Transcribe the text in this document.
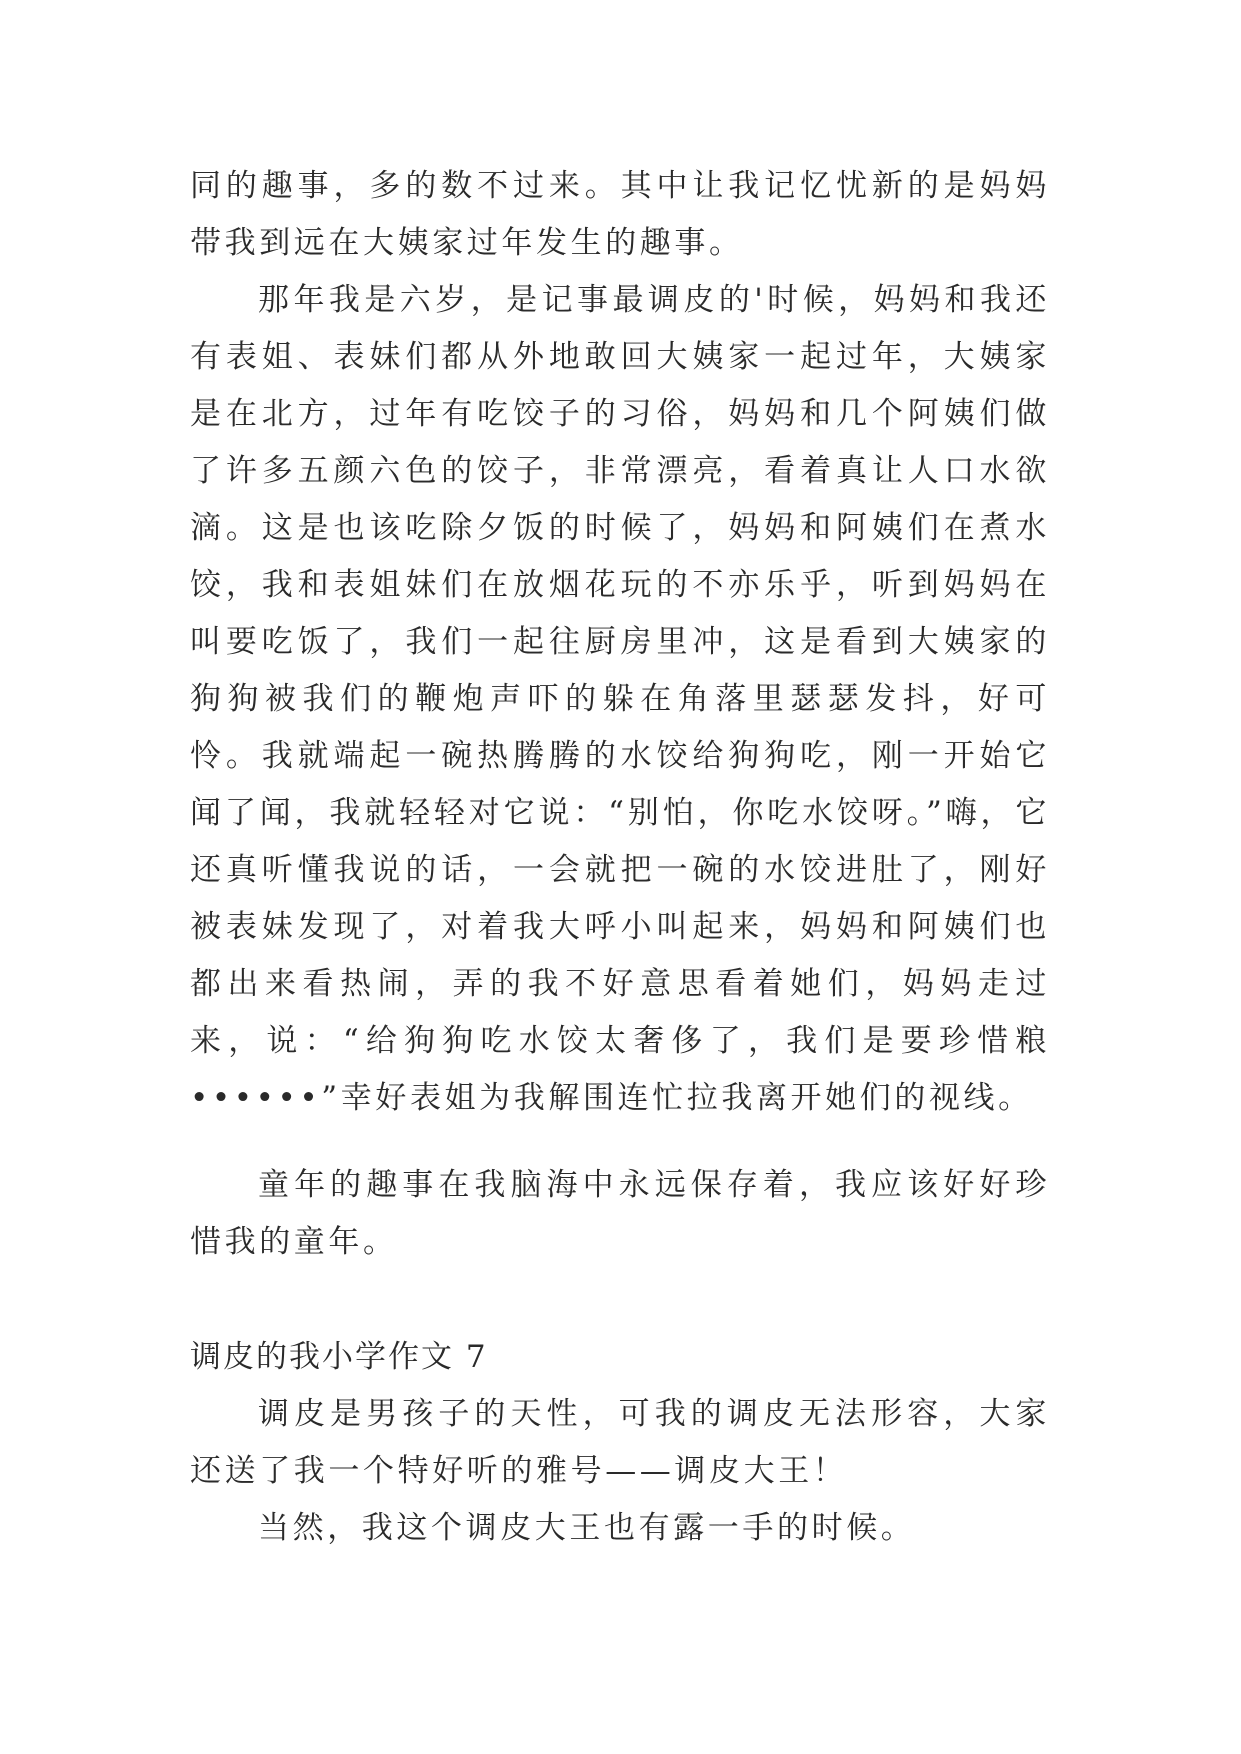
同的趣事，多的数不过来。其中让我记忆忧新的是妈妈带我到远在大姨家过年发生的趣事。

那年我是六岁，是记事最调皮的'时候，妈妈和我还有表姐、表妹们都从外地敢回大姨家一起过年，大姨家是在北方，过年有吃饺子的习俗，妈妈和几个阿姨们做了许多五颜六色的饺子，非常漂亮，看着真让人口水欲滴。这是也该吃除夕饭的时候了，妈妈和阿姨们在煮水饺，我和表姐妹们在放烟花玩的不亦乐乎，听到妈妈在叫要吃饭了，我们一起往厨房里冲，这是看到大姨家的狗狗被我们的鞭炮声吓的躲在角落里瑟瑟发抖，好可怜。我就端起一碗热腾腾的水饺给狗狗吃，刚一开始它闻了闻，我就轻轻对它说：“别怕，你吃水饺呀。”嗨，它还真听懂我说的话，一会就把一碗的水饺进肚了，刚好被表妹发现了，对着我大呼小叫起来，妈妈和阿姨们也都出来看热闹，弄的我不好意思看着她们，妈妈走过来，说：“给狗狗吃水饺太奢侈了，我们是要珍惜粮••••••”幸好表姐为我解围连忙拉我离开她们的视线。

童年的趣事在我脑海中永远保存着，我应该好好珍惜我的童年。

调皮的我小学作文 7

调皮是男孩子的天性，可我的调皮无法形容，大家还送了我一个特好听的雅号——调皮大王！

当然，我这个调皮大王也有露一手的时候。
